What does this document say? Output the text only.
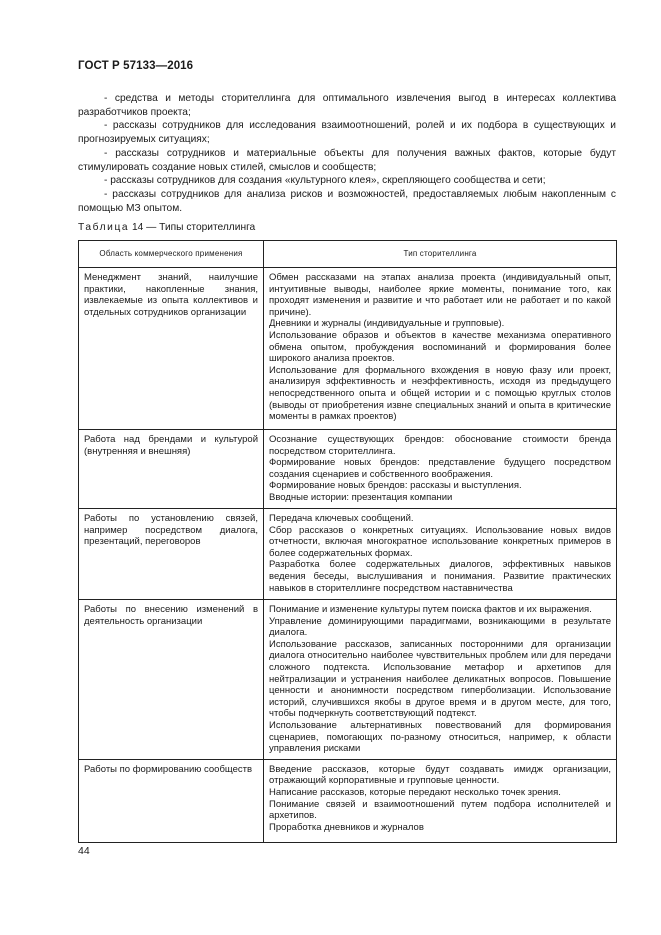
ГОСТ Р 57133—2016

- средства и методы сторителлинга для оптимального извлечения выгод в интересах коллектива разработчиков проекта;

- рассказы сотрудников для исследования взаимоотношений, ролей и их подбора в существующих и прогнозируемых ситуациях;

- рассказы сотрудников и материальные объекты для получения важных фактов, которые будут стимулировать создание новых стилей, смыслов и сообществ;

- рассказы сотрудников для создания «культурного клея», скрепляющего сообщества и сети;

- рассказы сотрудников для анализа рисков и возможностей, предоставляемых любым накопленным с помощью МЗ опытом.

Таблица 14 — Типы сторителлинга
Область коммерческого применения	Тип сторителлинга
Менеджмент знаний, наилучшие практики, накопленные знания, извлекаемые из опыта коллективов и отдельных сотрудников организации	Обмен рассказами на этапах анализа проекта (индивидуальный опыт, интуитивные выводы, наиболее яркие моменты, понимание того, как проходят изменения и развитие и что работает или не работает и по какой причине).
Дневники и журналы (индивидуальные и групповые).
Использование образов и объектов в качестве механизма оперативного обмена опытом, пробуждения воспоминаний и формирования более широкого анализа проектов.
Использование для формального вхождения в новую фазу или проект, анализируя эффективность и неэффективность, исходя из предыдущего непосредственного опыта и общей истории и с помощью круглых столов (выводы от приобретения извне специальных знаний и опыта в критические моменты в рамках проектов)

Работа над брендами и культурой (внутренняя и внешняя)	Осознание существующих брендов: обоснование стоимости бренда посредством сторителлинга.
Формирование новых брендов: представление будущего посредством создания сценариев и собственного воображения.
Формирование новых брендов: рассказы и выступления.
Вводные истории: презентация компании

Работы по установлению связей, например посредством диалога, презентаций, переговоров	Передача ключевых сообщений.
Сбор рассказов о конкретных ситуациях. Использование новых видов отчетности, включая многократное использование конкретных примеров в более содержательных формах.
Разработка более содержательных диалогов, эффективных навыков ведения беседы, выслушивания и понимания. Развитие практических навыков в сторителлинге посредством наставничества

Работы по внесению изменений в деятельность организации	Понимание и изменение культуры путем поиска фактов и их выражения.
Управление доминирующими парадигмами, возникающими в результате диалога.
Использование рассказов, записанных посторонними для организации диалога относительно наиболее чувствительных проблем или для передачи сложного подтекста. Использование метафор и архетипов для нейтрализации и устранения наиболее деликатных вопросов. Повышение ценности и анонимности посредством гиперболизации. Использование историй, случившихся якобы в другое время и в другом месте, для того, чтобы подчеркнуть соответствующий подтекст.
Использование альтернативных повествований для формирования сценариев, помогающих по-разному относиться, например, к области управления рисками

Работы по формированию сообществ	Введение рассказов, которые будут создавать имидж организации, отражающий корпоративные и групповые ценности.
Написание рассказов, которые передают несколько точек зрения.
Понимание связей и взаимоотношений путем подбора исполнителей и архетипов.
Проработка дневников и журналов
44
